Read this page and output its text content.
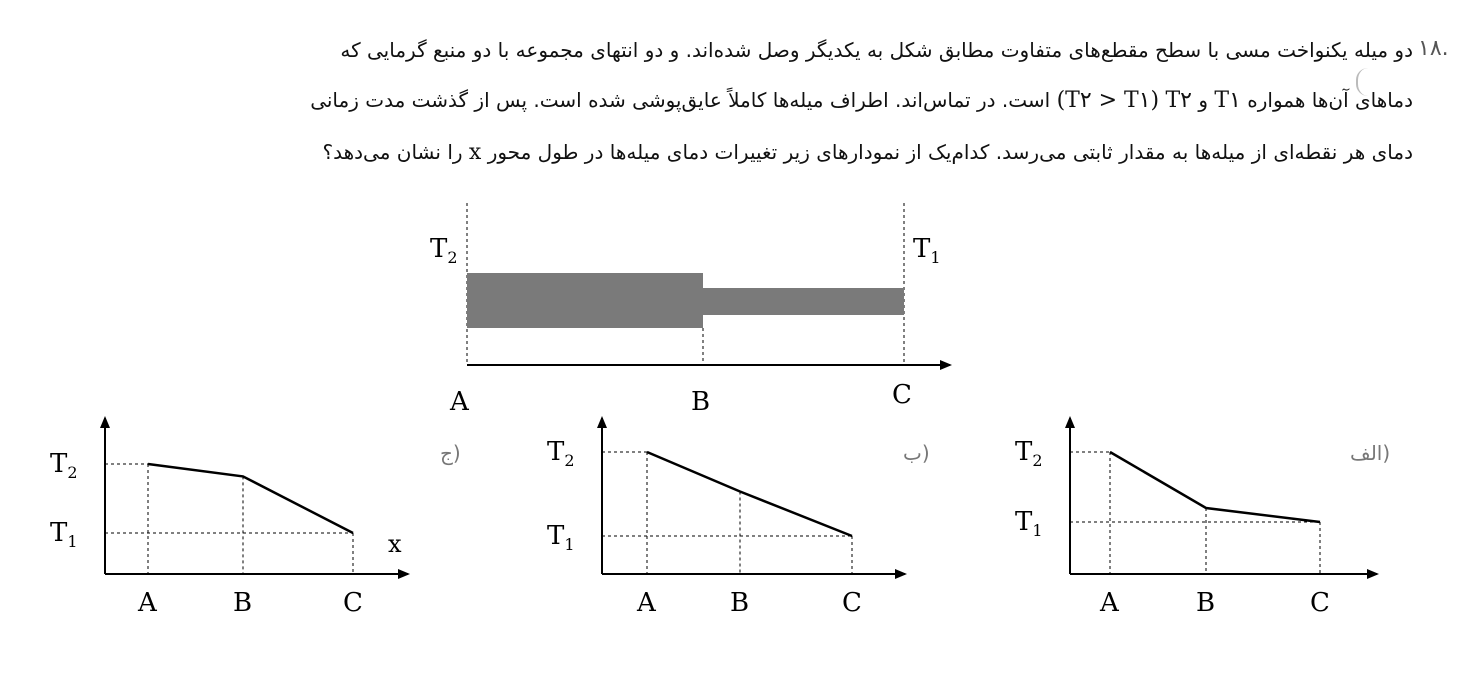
۱۸.
دو میله یکنواخت مسی با سطح مقطع‌های متفاوت مطابق شکل به یکدیگر وصل شده‌اند. و دو انتهای مجموعه با دو منبع گرمایی که
دماهای آن‌ها همواره T۱ و T۲ (T۲ > T۱) است. در تماس‌اند. اطراف میله‌ها کاملاً عایق‌پوشی شده است. پس از گذشت مدت زمانی
دمای هر نقطه‌ای از میله‌ها به مقدار ثابتی می‌رسد. کدام‌یک از نمودارهای زیر تغییرات دمای میله‌ها در طول محور x را نشان می‌دهد؟
$T_2$	$T_1$
A	B	C
ج)
x
$T_2$
$T_1$
A	B	C
ب)
$T_2$
$T_1$
A	B	C
الف)
$T_2$
$T_1$
A	B	C
